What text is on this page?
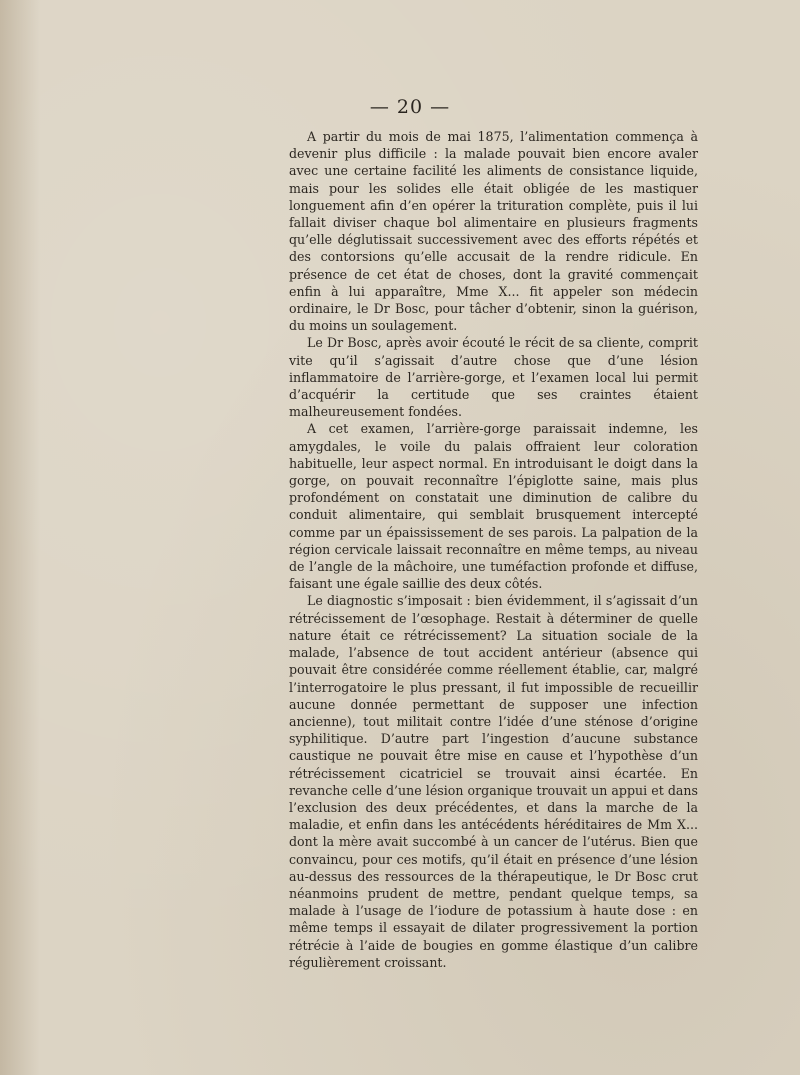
— 20 —

A partir du mois de mai 1875, l’alimentation commença à devenir plus difficile : la malade pouvait bien encore avaler avec une certaine facilité les aliments de consistance liquide, mais pour les solides elle était obligée de les mastiquer longuement afin d’en opérer la trituration complète, puis il lui fallait diviser chaque bol alimentaire en plusieurs fragments qu’elle déglutissait successivement avec des efforts répétés et des contorsions qu’elle accusait de la rendre ridicule. En présence de cet état de choses, dont la gravité commençait enfin à lui apparaître, Mme X... fit appeler son médecin ordinaire, le Dr Bosc, pour tâcher d’obtenir, sinon la guérison, du moins un soulagement.

Le Dr Bosc, après avoir écouté le récit de sa cliente, comprit vite qu’il s’agissait d’autre chose que d’une lésion inflammatoire de l’arrière-gorge, et l’examen local lui permit d’acquérir la certitude que ses craintes étaient malheureusement fondées.

A cet examen, l’arrière-gorge paraissait indemne, les amygdales, le voile du palais offraient leur coloration habituelle, leur aspect normal. En introduisant le doigt dans la gorge, on pouvait reconnaître l’épiglotte saine, mais plus profondément on constatait une diminution de calibre du conduit alimentaire, qui semblait brusquement intercepté comme par un épaississement de ses parois. La palpation de la région cervicale laissait reconnaître en même temps, au niveau de l’angle de la mâchoire, une tuméfaction profonde et diffuse, faisant une égale saillie des deux côtés.

Le diagnostic s’imposait : bien évidemment, il s’agissait d’un rétrécissement de l’œsophage. Restait à déterminer de quelle nature était ce rétrécissement? La situation sociale de la malade, l’absence de tout accident antérieur (absence qui pouvait être considérée comme réellement établie, car, malgré l’interrogatoire le plus pressant, il fut impossible de recueillir aucune donnée permettant de supposer une infection ancienne), tout militait contre l’idée d’une sténose d’origine syphilitique. D’autre part l’ingestion d’aucune substance caustique ne pouvait être mise en cause et l’hypothèse d’un rétrécissement cicatriciel se trouvait ainsi écartée. En revanche celle d’une lésion organique trouvait un appui et dans l’exclusion des deux précédentes, et dans la marche de la maladie, et enfin dans les antécédents héréditaires de Mm X... dont la mère avait succombé à un cancer de l’utérus. Bien que convaincu, pour ces motifs, qu’il était en présence d’une lésion au-dessus des ressources de la thérapeutique, le Dr Bosc crut néanmoins prudent de mettre, pendant quelque temps, sa malade à l’usage de l’iodure de potassium à haute dose : en même temps il essayait de dilater progressivement la portion rétrécie à l’aide de bougies en gomme élastique d’un calibre régulièrement croissant.
